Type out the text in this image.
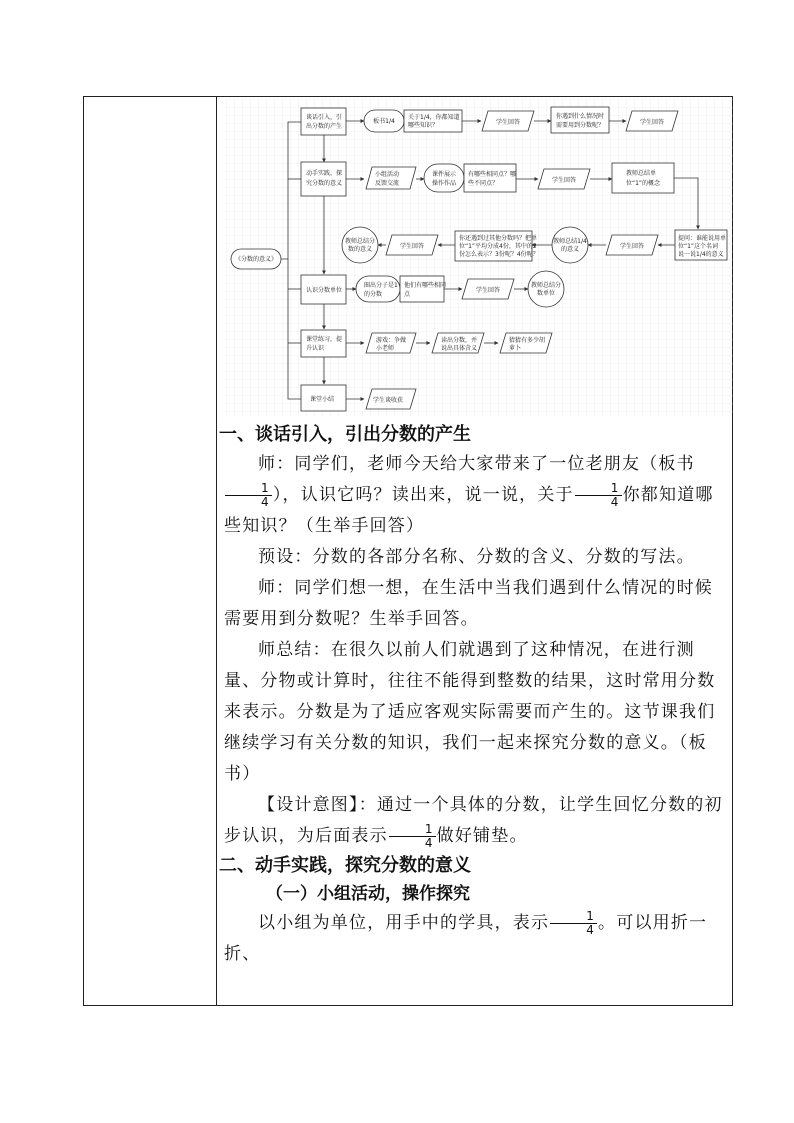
《分数的意义》
谈话引入，引
出分数的产生
板书1/4
关于1/4，你都知道
哪些知识？	学生回答
你遇到什么情况时
需要用到分数呢？	学生回答
动手实践，探
究分数的意义
小组活动
反馈交流
课件展示
操作作品
有哪些相同点？哪
些不同点？	学生回答
教师总结单
位“1”的概念
提问：谁能说用单
位“1”这个名词
说一说1/4的意义
学生回答
教师总结1/4
的意义
你还遇到过其他分数吗？把单
位“1”平均分成4份，其中的2
份怎么表示？3份呢？4份呢？
学生回答
教师总结分
数的意义
认识分数单位
圈出分子是1
的分数
他们有哪些相同
点
学生回答
教师总结分
数单位
课堂练习，提
升认识
游戏：争做
小老师
读出分数，并
说出具体含义
猜猜有多少胡
萝卜
课堂小结	学生谈收获
一、谈话引入，引出分数的产生

师：同学们，老师今天给大家带来了一位老朋友（板书
$\frac{1}{4}$ ），认识它吗？读出来，说一说，关于 $\frac{1}{4}$ 你都知道哪些知识？（生举手回答）

预设：分数的各部分名称、分数的含义、分数的写法。

师：同学们想一想，在生活中当我们遇到什么情况的时候需要用到分数呢？生举手回答。

师总结：在很久以前人们就遇到了这种情况，在进行测量、分物或计算时，往往不能得到整数的结果，这时常用分数来表示。分数是为了适应客观实际需要而产生的。这节课我们继续学习有关分数的知识，我们一起来探究分数的意义。（板书）

【设计意图】：通过一个具体的分数，让学生回忆分数的初步认识，为后面表示 $\frac{1}{4}$ 做好铺垫。

二、动手实践，探究分数的意义
（一）小组活动，操作探究

以小组为单位，用手中的学具，表示 $\frac{1}{4}$ 。可以用折一折、
